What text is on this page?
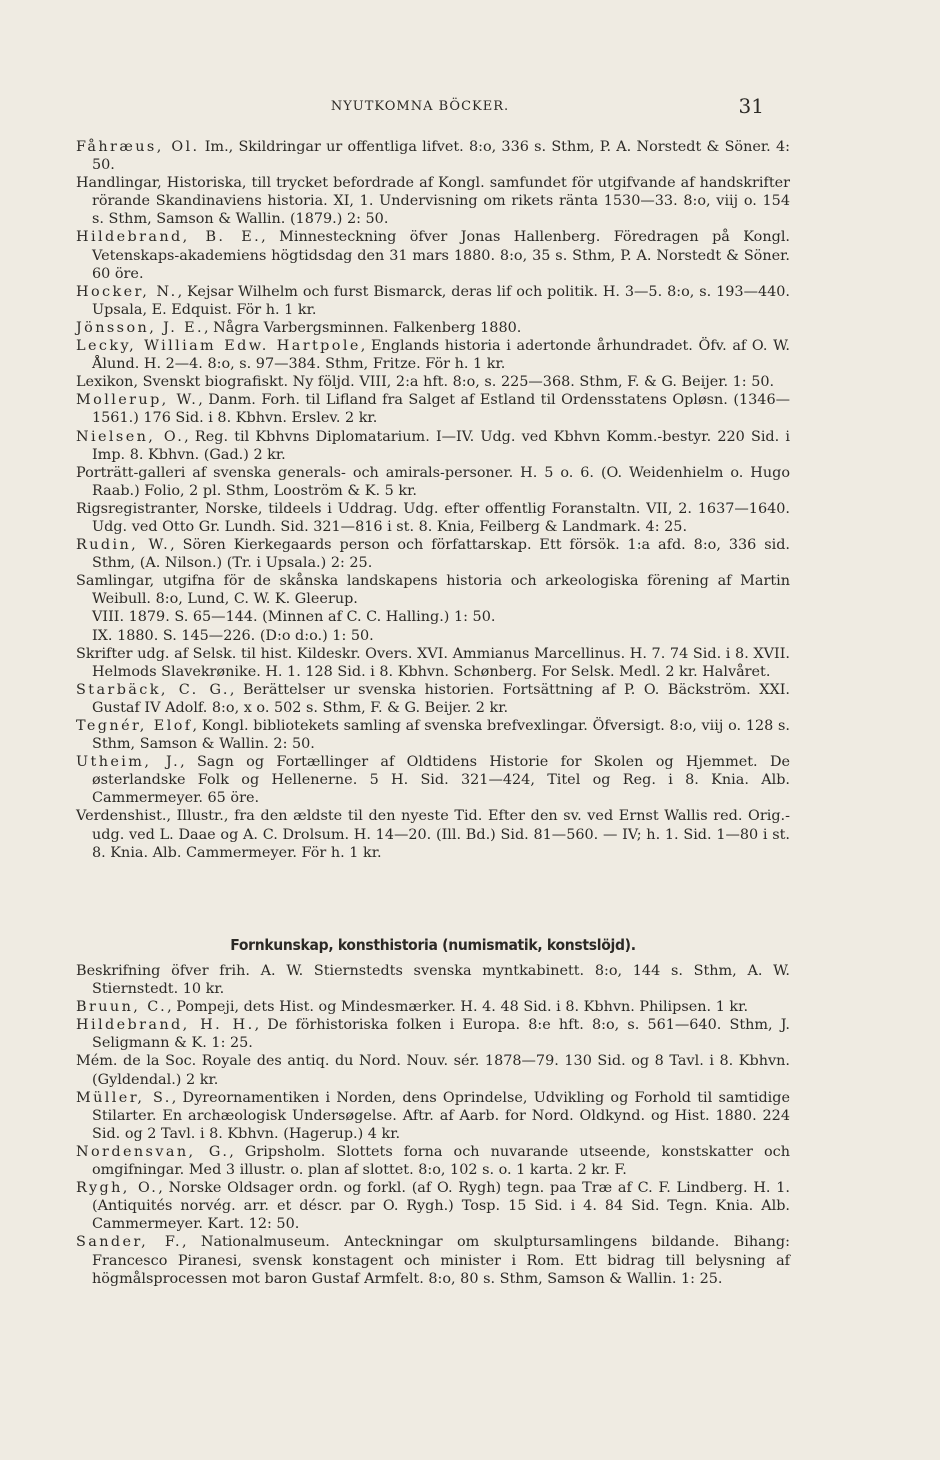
NYUTKOMNA BÖCKER.	31

Fåhræus, Ol. Im., Skildringar ur offentliga lifvet. 8:o, 336 s. Sthm, P. A. Norstedt & Söner. 4: 50.

Handlingar, Historiska, till trycket befordrade af Kongl. samfundet för utgifvande af handskrifter rörande Skandinaviens historia. XI, 1. Undervisning om rikets ränta 1530—33. 8:o, viij o. 154 s. Sthm, Samson & Wallin. (1879.) 2: 50.

Hildebrand, B. E., Minnesteckning öfver Jonas Hallenberg. Föredragen på Kongl. Vetenskaps-akademiens högtidsdag den 31 mars 1880. 8:o, 35 s. Sthm, P. A. Norstedt & Söner. 60 öre.

Hocker, N., Kejsar Wilhelm och furst Bismarck, deras lif och politik. H. 3—5. 8:o, s. 193—440. Upsala, E. Edquist. För h. 1 kr.

Jönsson, J. E., Några Varbergsminnen. Falkenberg 1880.

Lecky, William Edw. Hartpole, Englands historia i adertonde århundradet. Öfv. af O. W. Ålund. H. 2—4. 8:o, s. 97—384. Sthm, Fritze. För h. 1 kr.

Lexikon, Svenskt biografiskt. Ny följd. VIII, 2:a hft. 8:o, s. 225—368. Sthm, F. & G. Beijer. 1: 50.

Mollerup, W., Danm. Forh. til Lifland fra Salget af Estland til Ordensstatens Opløsn. (1346—1561.) 176 Sid. i 8. Kbhvn. Erslev. 2 kr.

Nielsen, O., Reg. til Kbhvns Diplomatarium. I—IV. Udg. ved Kbhvn Komm.-bestyr. 220 Sid. i Imp. 8. Kbhvn. (Gad.) 2 kr.

Porträtt-galleri af svenska generals- och amirals-personer. H. 5 o. 6. (O. Weidenhielm o. Hugo Raab.) Folio, 2 pl. Sthm, Looström & K. 5 kr.

Rigsregistranter, Norske, tildeels i Uddrag. Udg. efter offentlig Foranstaltn. VII, 2. 1637—1640. Udg. ved Otto Gr. Lundh. Sid. 321—816 i st. 8. Knia, Feilberg & Landmark. 4: 25.

Rudin, W., Sören Kierkegaards person och författarskap. Ett försök. 1:a afd. 8:o, 336 sid. Sthm, (A. Nilson.) (Tr. i Upsala.) 2: 25.

Samlingar, utgifna för de skånska landskapens historia och arkeologiska förening af Martin Weibull. 8:o, Lund, C. W. K. Gleerup.

VIII. 1879. S. 65—144. (Minnen af C. C. Halling.) 1: 50.

IX. 1880. S. 145—226. (D:o d:o.) 1: 50.

Skrifter udg. af Selsk. til hist. Kildeskr. Overs. XVI. Ammianus Marcellinus. H. 7. 74 Sid. i 8. XVII. Helmods Slavekrønike. H. 1. 128 Sid. i 8. Kbhvn. Schønberg. For Selsk. Medl. 2 kr. Halvåret.

Starbäck, C. G., Berättelser ur svenska historien. Fortsättning af P. O. Bäckström. XXI. Gustaf IV Adolf. 8:o, x o. 502 s. Sthm, F. & G. Beijer. 2 kr.

Tegnér, Elof, Kongl. bibliotekets samling af svenska brefvexlingar. Öfversigt. 8:o, viij o. 128 s. Sthm, Samson & Wallin. 2: 50.

Utheim, J., Sagn og Fortællinger af Oldtidens Historie for Skolen og Hjemmet. De østerlandske Folk og Hellenerne. 5 H. Sid. 321—424, Titel og Reg. i 8. Knia. Alb. Cammermeyer. 65 öre.

Verdenshist., Illustr., fra den ældste til den nyeste Tid. Efter den sv. ved Ernst Wallis red. Orig.-udg. ved L. Daae og A. C. Drolsum. H. 14—20. (Ill. Bd.) Sid. 81—560. — IV; h. 1. Sid. 1—80 i st. 8. Knia. Alb. Cammermeyer. För h. 1 kr.

Fornkunskap, konsthistoria (numismatik, konstslöjd).

Beskrifning öfver frih. A. W. Stiernstedts svenska myntkabinett. 8:o, 144 s. Sthm, A. W. Stiernstedt. 10 kr.

Bruun, C., Pompeji, dets Hist. og Mindesmærker. H. 4. 48 Sid. i 8. Kbhvn. Philipsen. 1 kr.

Hildebrand, H. H., De förhistoriska folken i Europa. 8:e hft. 8:o, s. 561—640. Sthm, J. Seligmann & K. 1: 25.

Mém. de la Soc. Royale des antiq. du Nord. Nouv. sér. 1878—79. 130 Sid. og 8 Tavl. i 8. Kbhvn. (Gyldendal.) 2 kr.

Müller, S., Dyreornamentiken i Norden, dens Oprindelse, Udvikling og Forhold til samtidige Stilarter. En archæologisk Undersøgelse. Aftr. af Aarb. for Nord. Oldkynd. og Hist. 1880. 224 Sid. og 2 Tavl. i 8. Kbhvn. (Hagerup.) 4 kr.

Nordensvan, G., Gripsholm. Slottets forna och nuvarande utseende, konstskatter och omgifningar. Med 3 illustr. o. plan af slottet. 8:o, 102 s. o. 1 karta. 2 kr. F.

Rygh, O., Norske Oldsager ordn. og forkl. (af O. Rygh) tegn. paa Træ af C. F. Lindberg. H. 1. (Antiquités norvég. arr. et déscr. par O. Rygh.) Tosp. 15 Sid. i 4. 84 Sid. Tegn. Knia. Alb. Cammermeyer. Kart. 12: 50.

Sander, F., Nationalmuseum. Anteckningar om skulptursamlingens bildande. Bihang: Francesco Piranesi, svensk konstagent och minister i Rom. Ett bidrag till belysning af högmålsprocessen mot baron Gustaf Armfelt. 8:o, 80 s. Sthm, Samson & Wallin. 1: 25.
